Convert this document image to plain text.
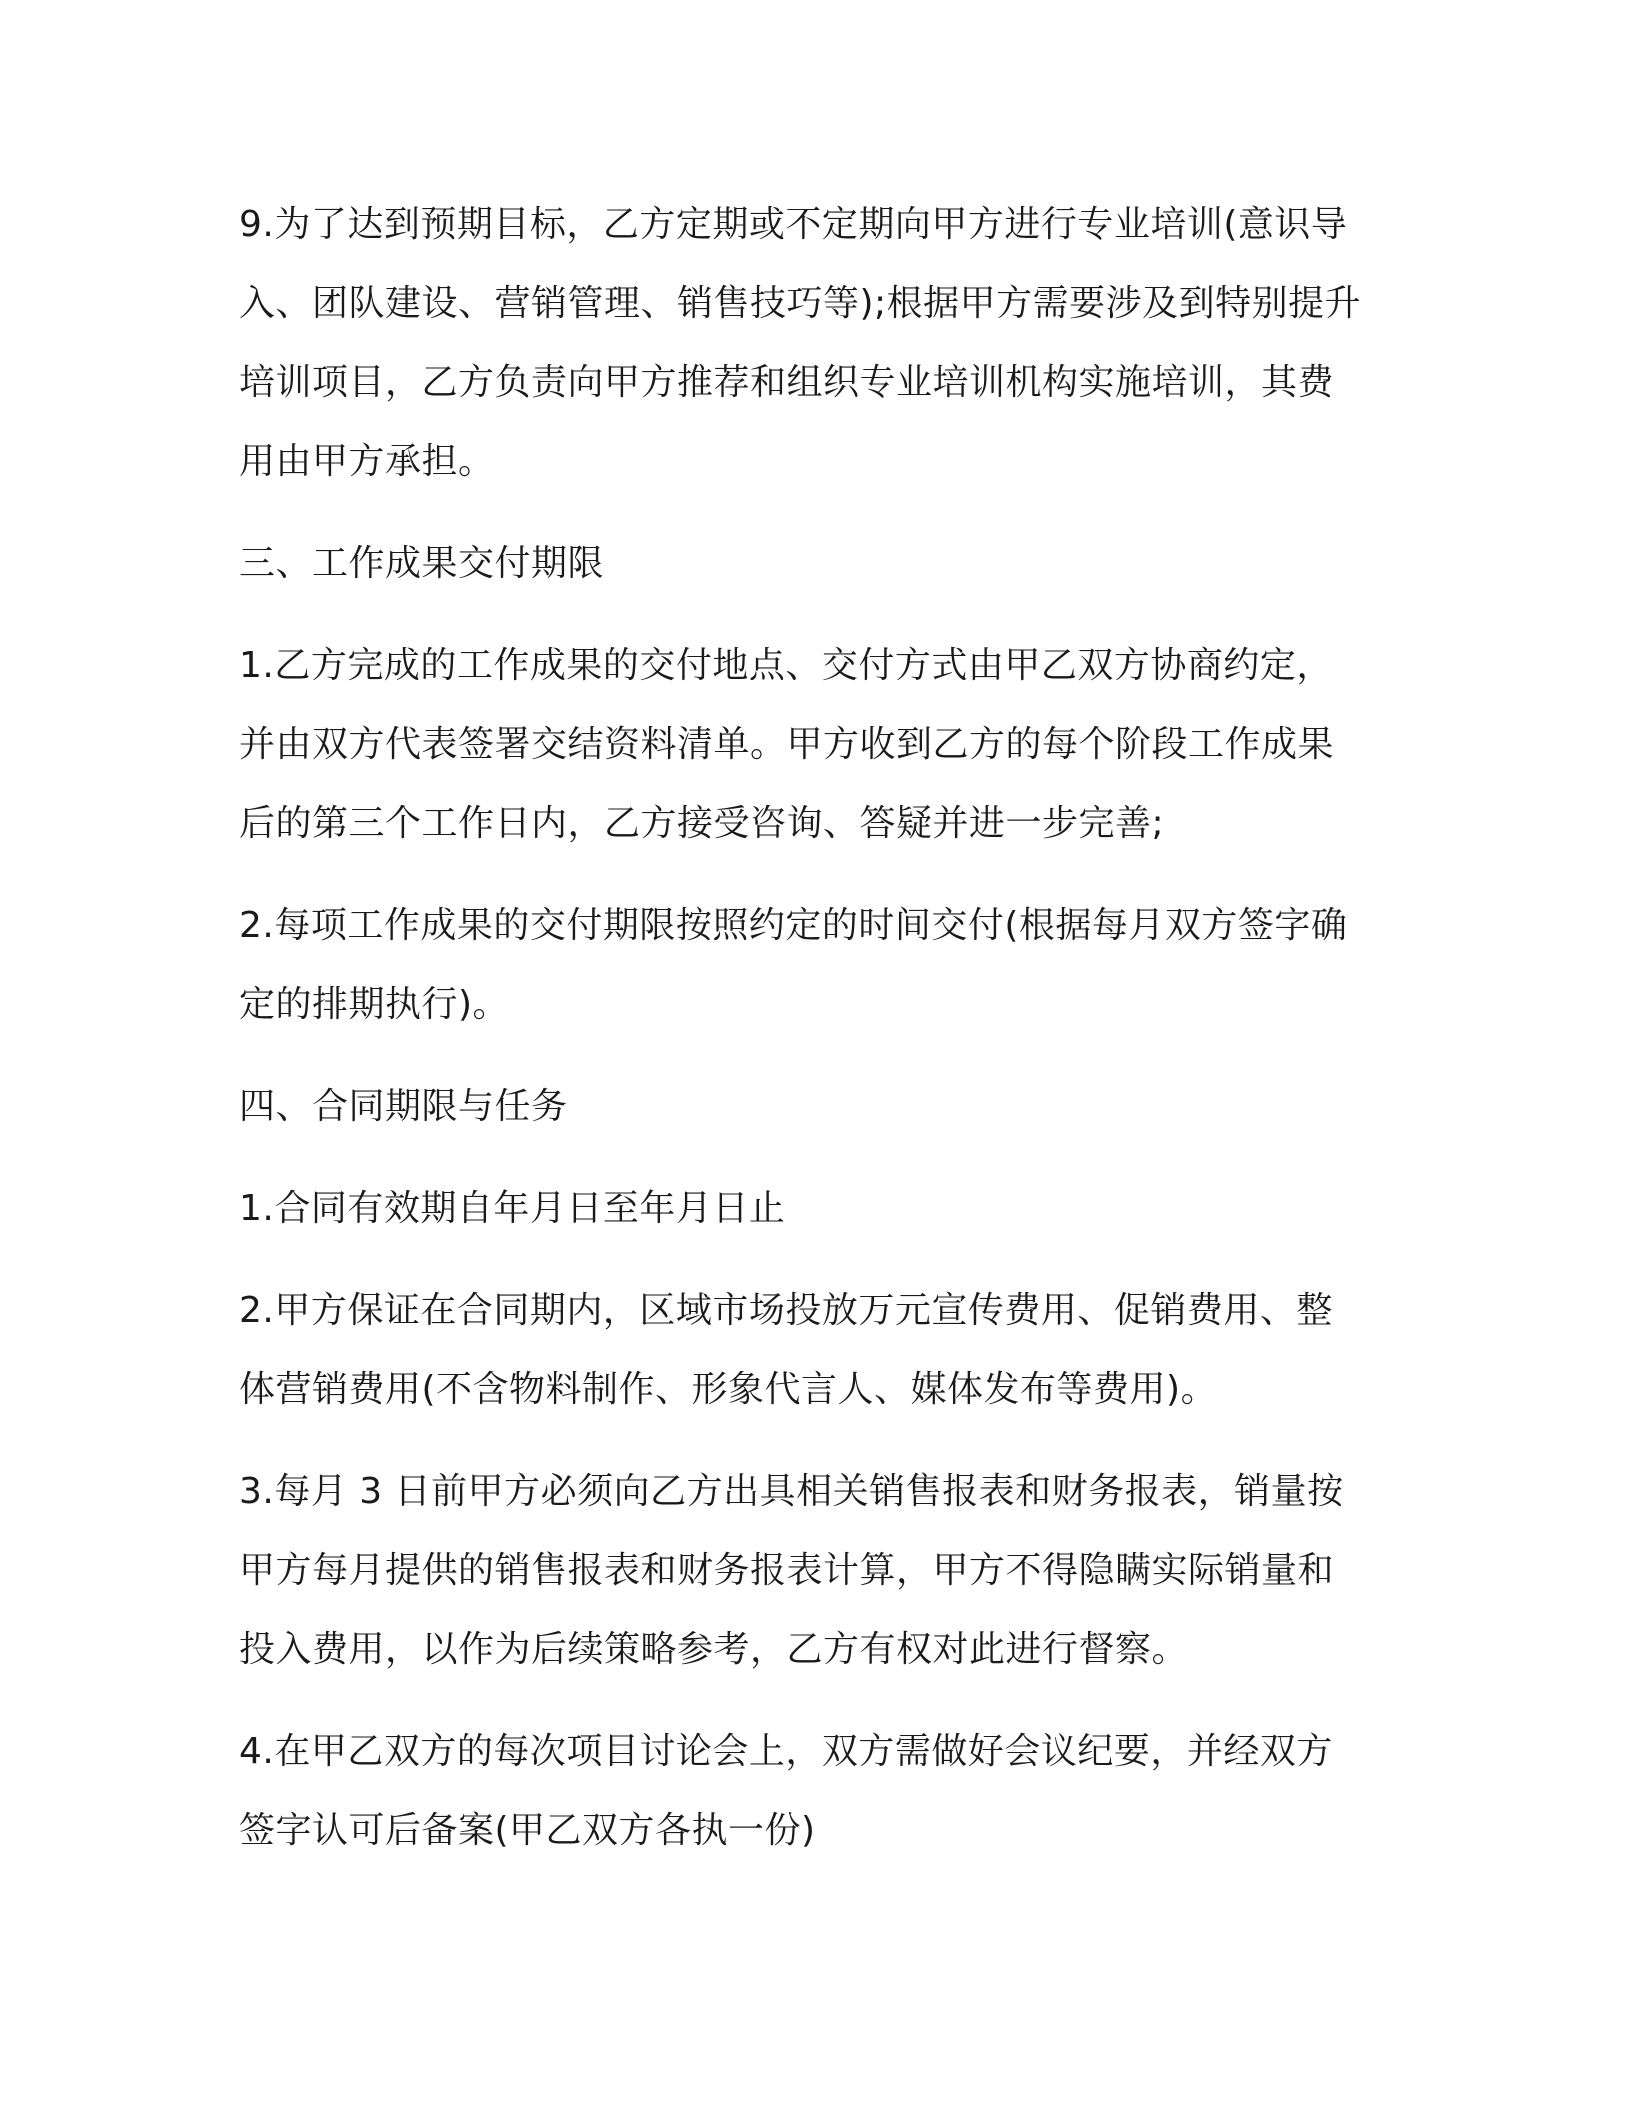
9.为了达到预期目标，乙方定期或不定期向甲方进行专业培训(意识导
入、团队建设、营销管理、销售技巧等);根据甲方需要涉及到特别提升
培训项目，乙方负责向甲方推荐和组织专业培训机构实施培训，其费
用由甲方承担。

三、工作成果交付期限

1.乙方完成的工作成果的交付地点、交付方式由甲乙双方协商约定，
并由双方代表签署交结资料清单。甲方收到乙方的每个阶段工作成果
后的第三个工作日内，乙方接受咨询、答疑并进一步完善;

2.每项工作成果的交付期限按照约定的时间交付(根据每月双方签字确
定的排期执行)。

四、合同期限与任务

1.合同有效期自年月日至年月日止

2.甲方保证在合同期内，区域市场投放万元宣传费用、促销费用、整
体营销费用(不含物料制作、形象代言人、媒体发布等费用)。

3.每月 3 日前甲方必须向乙方出具相关销售报表和财务报表，销量按
甲方每月提供的销售报表和财务报表计算，甲方不得隐瞒实际销量和
投入费用，以作为后续策略参考，乙方有权对此进行督察。

4.在甲乙双方的每次项目讨论会上，双方需做好会议纪要，并经双方
签字认可后备案(甲乙双方各执一份)
